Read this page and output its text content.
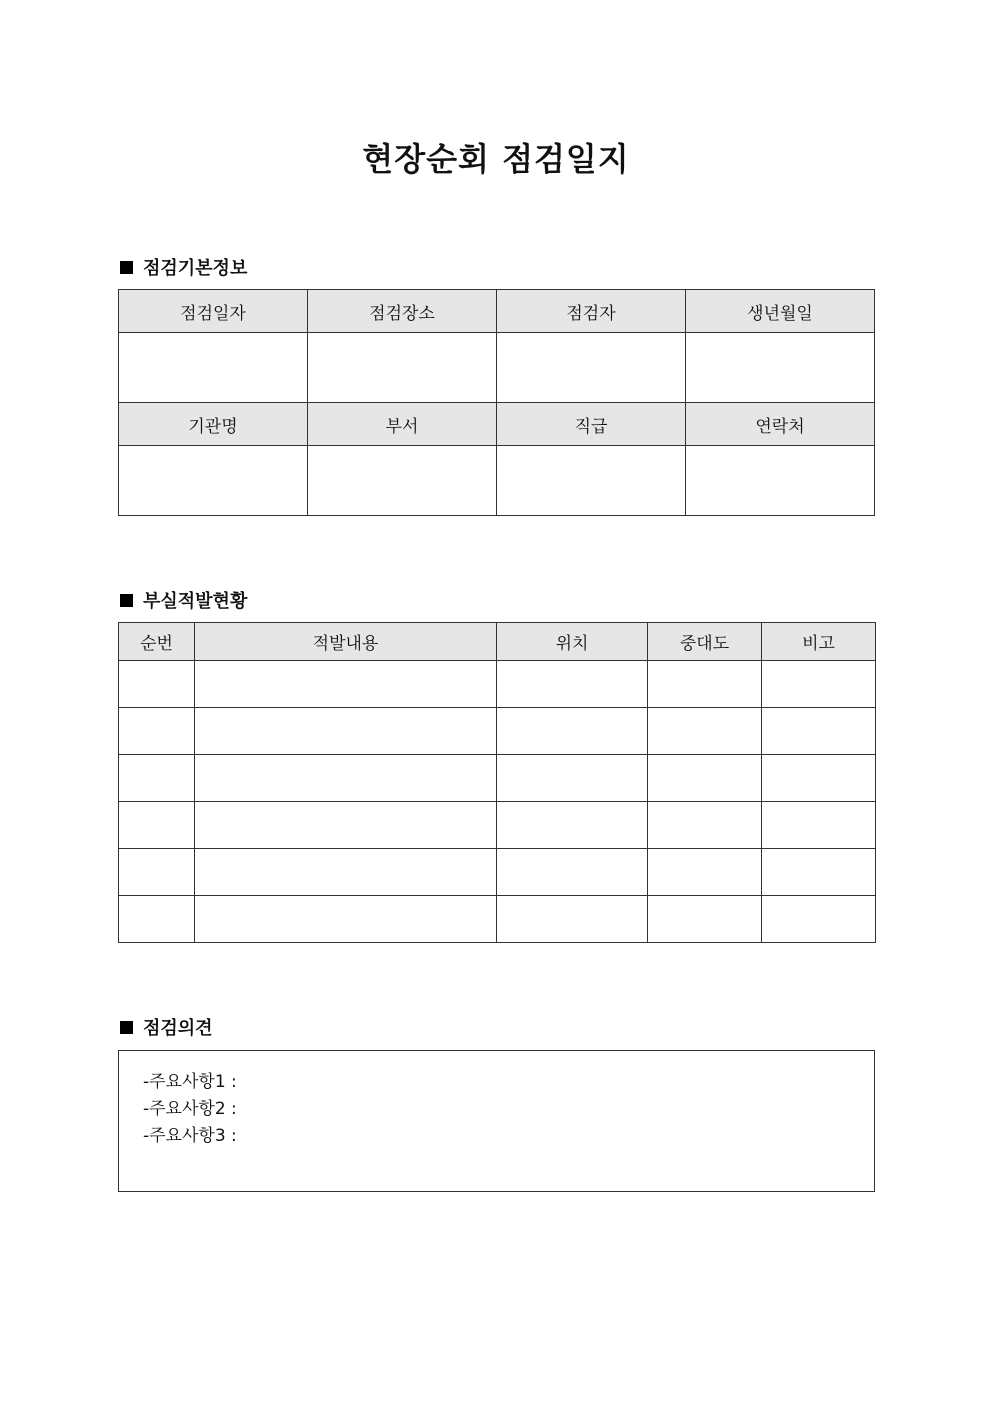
현장순회 점검일지
점검기본정보
점검일자	점검장소	점검자	생년월일

기관명	부서	직급	연락처

부실적발현황
순번	적발내용	위치	중대도	비고

점검의견
-주요사항1 :
-주요사항2 :
-주요사항3 :
